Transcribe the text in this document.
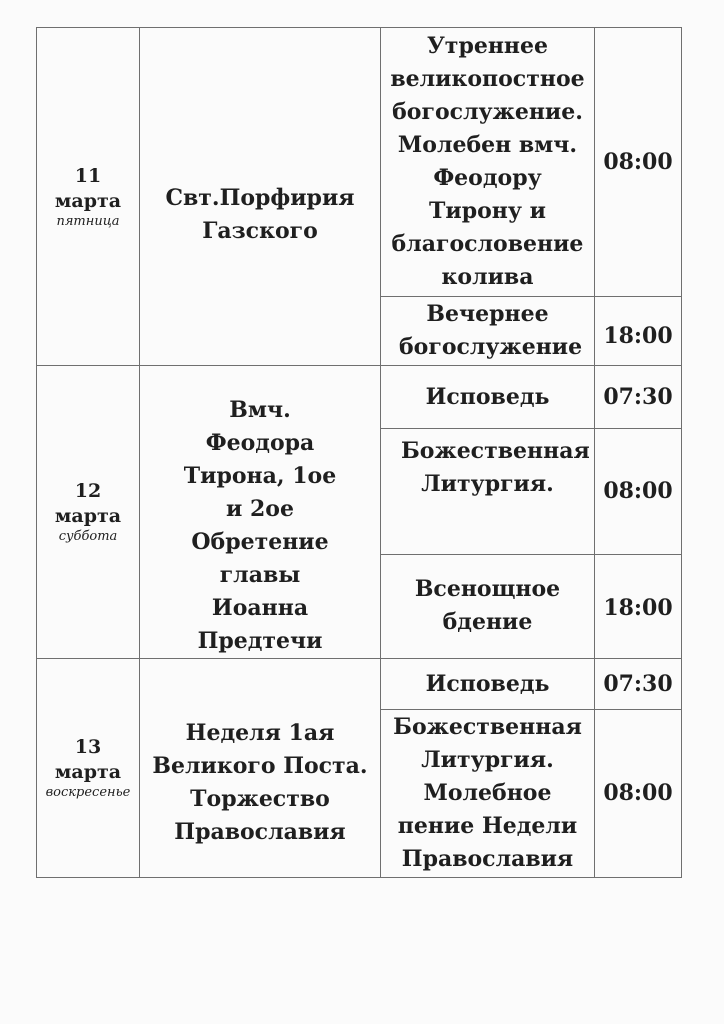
11
марта
пятница	Свт.Порфирия Газского	Утреннее великопостное богослужение. Молебен вмч. Феодору Тирону и благословение колива	08:00
		Вечернее богослужение	18:00

12
марта
суббота	Вмч. Феодора Тирона, 1ое и 2ое Обретение главы Иоанна Предтечи	Исповедь	07:30
		Божественная Литургия.	08:00
		Всенощное бдение	18:00

13
марта
воскресенье	Неделя 1ая Великого Поста. Торжество Православия	Исповедь	07:30
		Божественная Литургия. Молебное пение Недели Православия	08:00
